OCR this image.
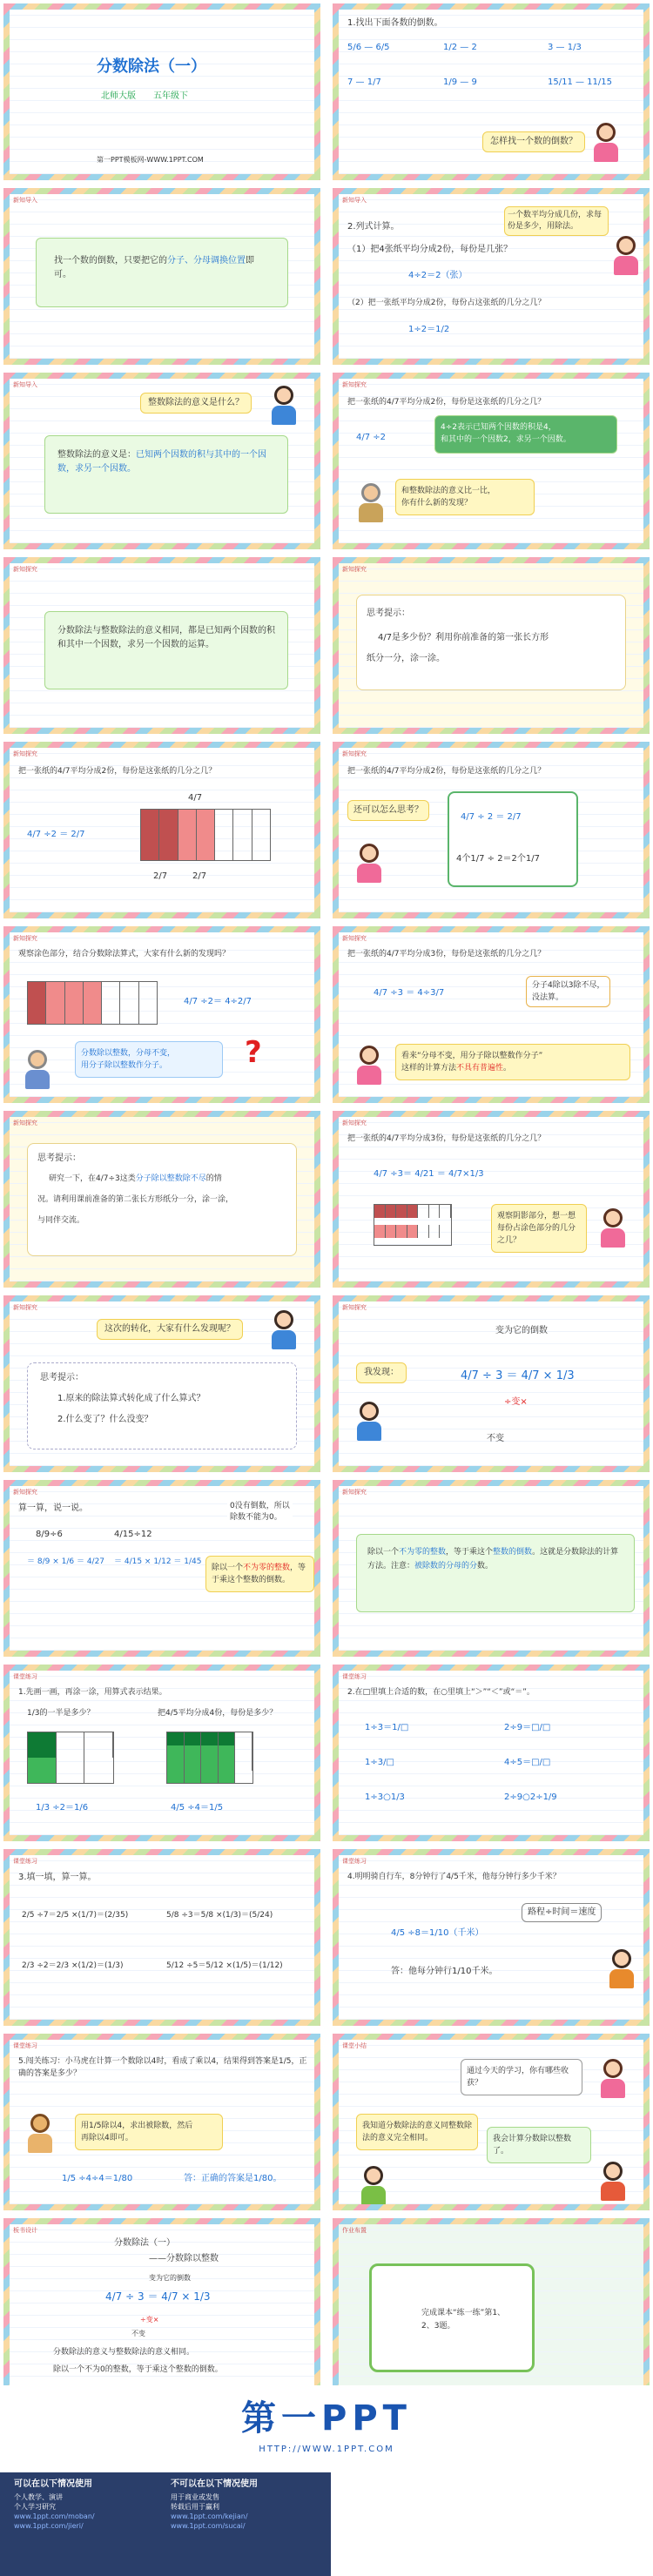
分数除法（一）
北师大版 五年级下
第一PPT模板网-WWW.1PPT.COM
1.找出下面各数的倒数。
5/6 — 6/5	1/2 — 2	3 — 1/3
7 — 1/7	1/9 — 9	15/11 — 11/15
怎样找一个数的倒数？
新知导入
找一个数的倒数，只要把它的分子、分母调换位置即可。
新知导入
2.列式计算。
一个数平均分成几份，求每份是多少，用除法。
（1）把4张纸平均分成2份，每份是几张？
4÷2＝2（张）
（2）把一张纸平均分成2份，每份占这张纸的几分之几？
1÷2＝1/2
新知导入
整数除法的意义是什么？
整数除法的意义是：已知两个因数的积与其中的一个因数，求另一个因数。
新知探究
把一张纸的4/7平均分成2份，每份是这张纸的几分之几？
4/7 ÷2
4÷2表示已知两个因数的积是4，
和其中的一个因数2，求另一个因数。
和整数除法的意义比一比，
你有什么新的发现？
新知探究
分数除法与整数除法的意义相同，都是已知两个因数的积和其中一个因数，求另一个因数的运算。
新知探究
思考提示：
4/7是多少份？利用你前准备的第一张长方形
纸分一分，涂一涂。
新知探究
把一张纸的4/7平均分成2份，每份是这张纸的几分之几？
4/7 ÷2 ＝ 2/7
4/7
2/7	2/7
新知探究
把一张纸的4/7平均分成2份，每份是这张纸的几分之几？
还可以怎么思考？
4/7 ÷ 2 ＝ 2/7
4个1/7 ÷ 2＝2个1/7
新知探究
观察涂色部分，结合分数除法算式，大家有什么新的发现吗？
4/7 ÷2＝ 4÷2/7
分数除以整数，分母不变，
用分子除以整数作分子。	?
新知探究
把一张纸的4/7平均分成3份，每份是这张纸的几分之几？
4/7 ÷3 ＝ 4÷3/7
分子4除以3除不尽，
没法算。
看来“分母不变，用分子除以整数作分子”
这样的计算方法不具有普遍性。
新知探究
思考提示：
研究一下，在4/7÷3这类分子除以整数除不尽的情
况。请利用课前准备的第二张长方形纸分一分，涂一涂，
与同伴交流。
新知探究
把一张纸的4/7平均分成3份，每份是这张纸的几分之几？
4/7 ÷3＝ 4/21 ＝ 4/7×1/3
观察阴影部分，想一想每份占涂色部分的几分之几？
新知探究
这次的转化，大家有什么发现呢？
思考提示：
1.原来的除法算式转化成了什么算式？
2.什么变了？什么没变？
新知探究
变为它的倒数
我发现：	4/7 ÷ 3 ＝ 4/7 × 1/3
÷变×
不变
新知探究
算一算，说一说。
8/9÷6	4/15÷12
＝ 8/9 × 1/6 ＝ 4/27 ＝ 4/15 × 1/12 ＝ 1/45
0没有倒数，所以
除数不能为0。
除以一个不为零的整数，等于乘这个整数的倒数。
新知探究
除以一个不为零的整数，等于乘这个整数的倒数。这就是分数除法的计算方法。注意：被除数的分母的分数。
课堂练习
1.先画一画，再涂一涂，用算式表示结果。
1/3的一半是多少？	把4/5平均分成4份，每份是多少？
1/3 ÷2＝1/6	4/5 ÷4＝1/5
课堂练习
2.在□里填上合适的数，在○里填上“＞”“＜”或“＝”。
1÷3＝1/□	2÷9＝□/□
1÷3/□	4÷5＝□/□
1÷3○1/3	2÷9○2÷1/9
课堂练习
3.填一填，算一算。
2/5 ÷7＝2/5 ×(1/7)＝(2/35)	5/8 ÷3＝5/8 ×(1/3)＝(5/24)
2/3 ÷2＝2/3 ×(1/2)＝(1/3)	5/12 ÷5＝5/12 ×(1/5)＝(1/12)
课堂练习
4.明明骑自行车，8分钟行了4/5千米，他每分钟行多少千米？
路程÷时间＝速度
4/5 ÷8＝1/10（千米）
答：他每分钟行1/10千米。
课堂练习
5.闯关练习：小马虎在计算一个数除以4时，看成了乘以4，结果得到答案是1/5，正确的答案是多少？
用1/5除以4，求出被除数，然后
再除以4即可。
1/5 ÷4÷4＝1/80	答：正确的答案是1/80。
课堂小结
通过今天的学习，你有哪些收获？
我知道分数除法的意义同整数除法的意义完全相同。	我会计算分数除以整数了。
板书设计
分数除法（一）
——分数除以整数
变为它的倒数
4/7 ÷ 3 ＝ 4/7 × 1/3
÷变×
不变
分数除法的意义与整数除法的意义相同。
除以一个不为0的整数，等于乘这个整数的倒数。
作业布置
完成课本“练一练”第1、2、3题。
第一PPT
HTTP://WWW.1PPT.COM
可以在以下情况使用
个人教学、演讲
个人学习研究
www.1ppt.com/moban/
www.1ppt.com/jieri/
不可以在以下情况使用
用于商业或发售
转载后用于赢利
www.1ppt.com/kejian/
www.1ppt.com/sucai/
